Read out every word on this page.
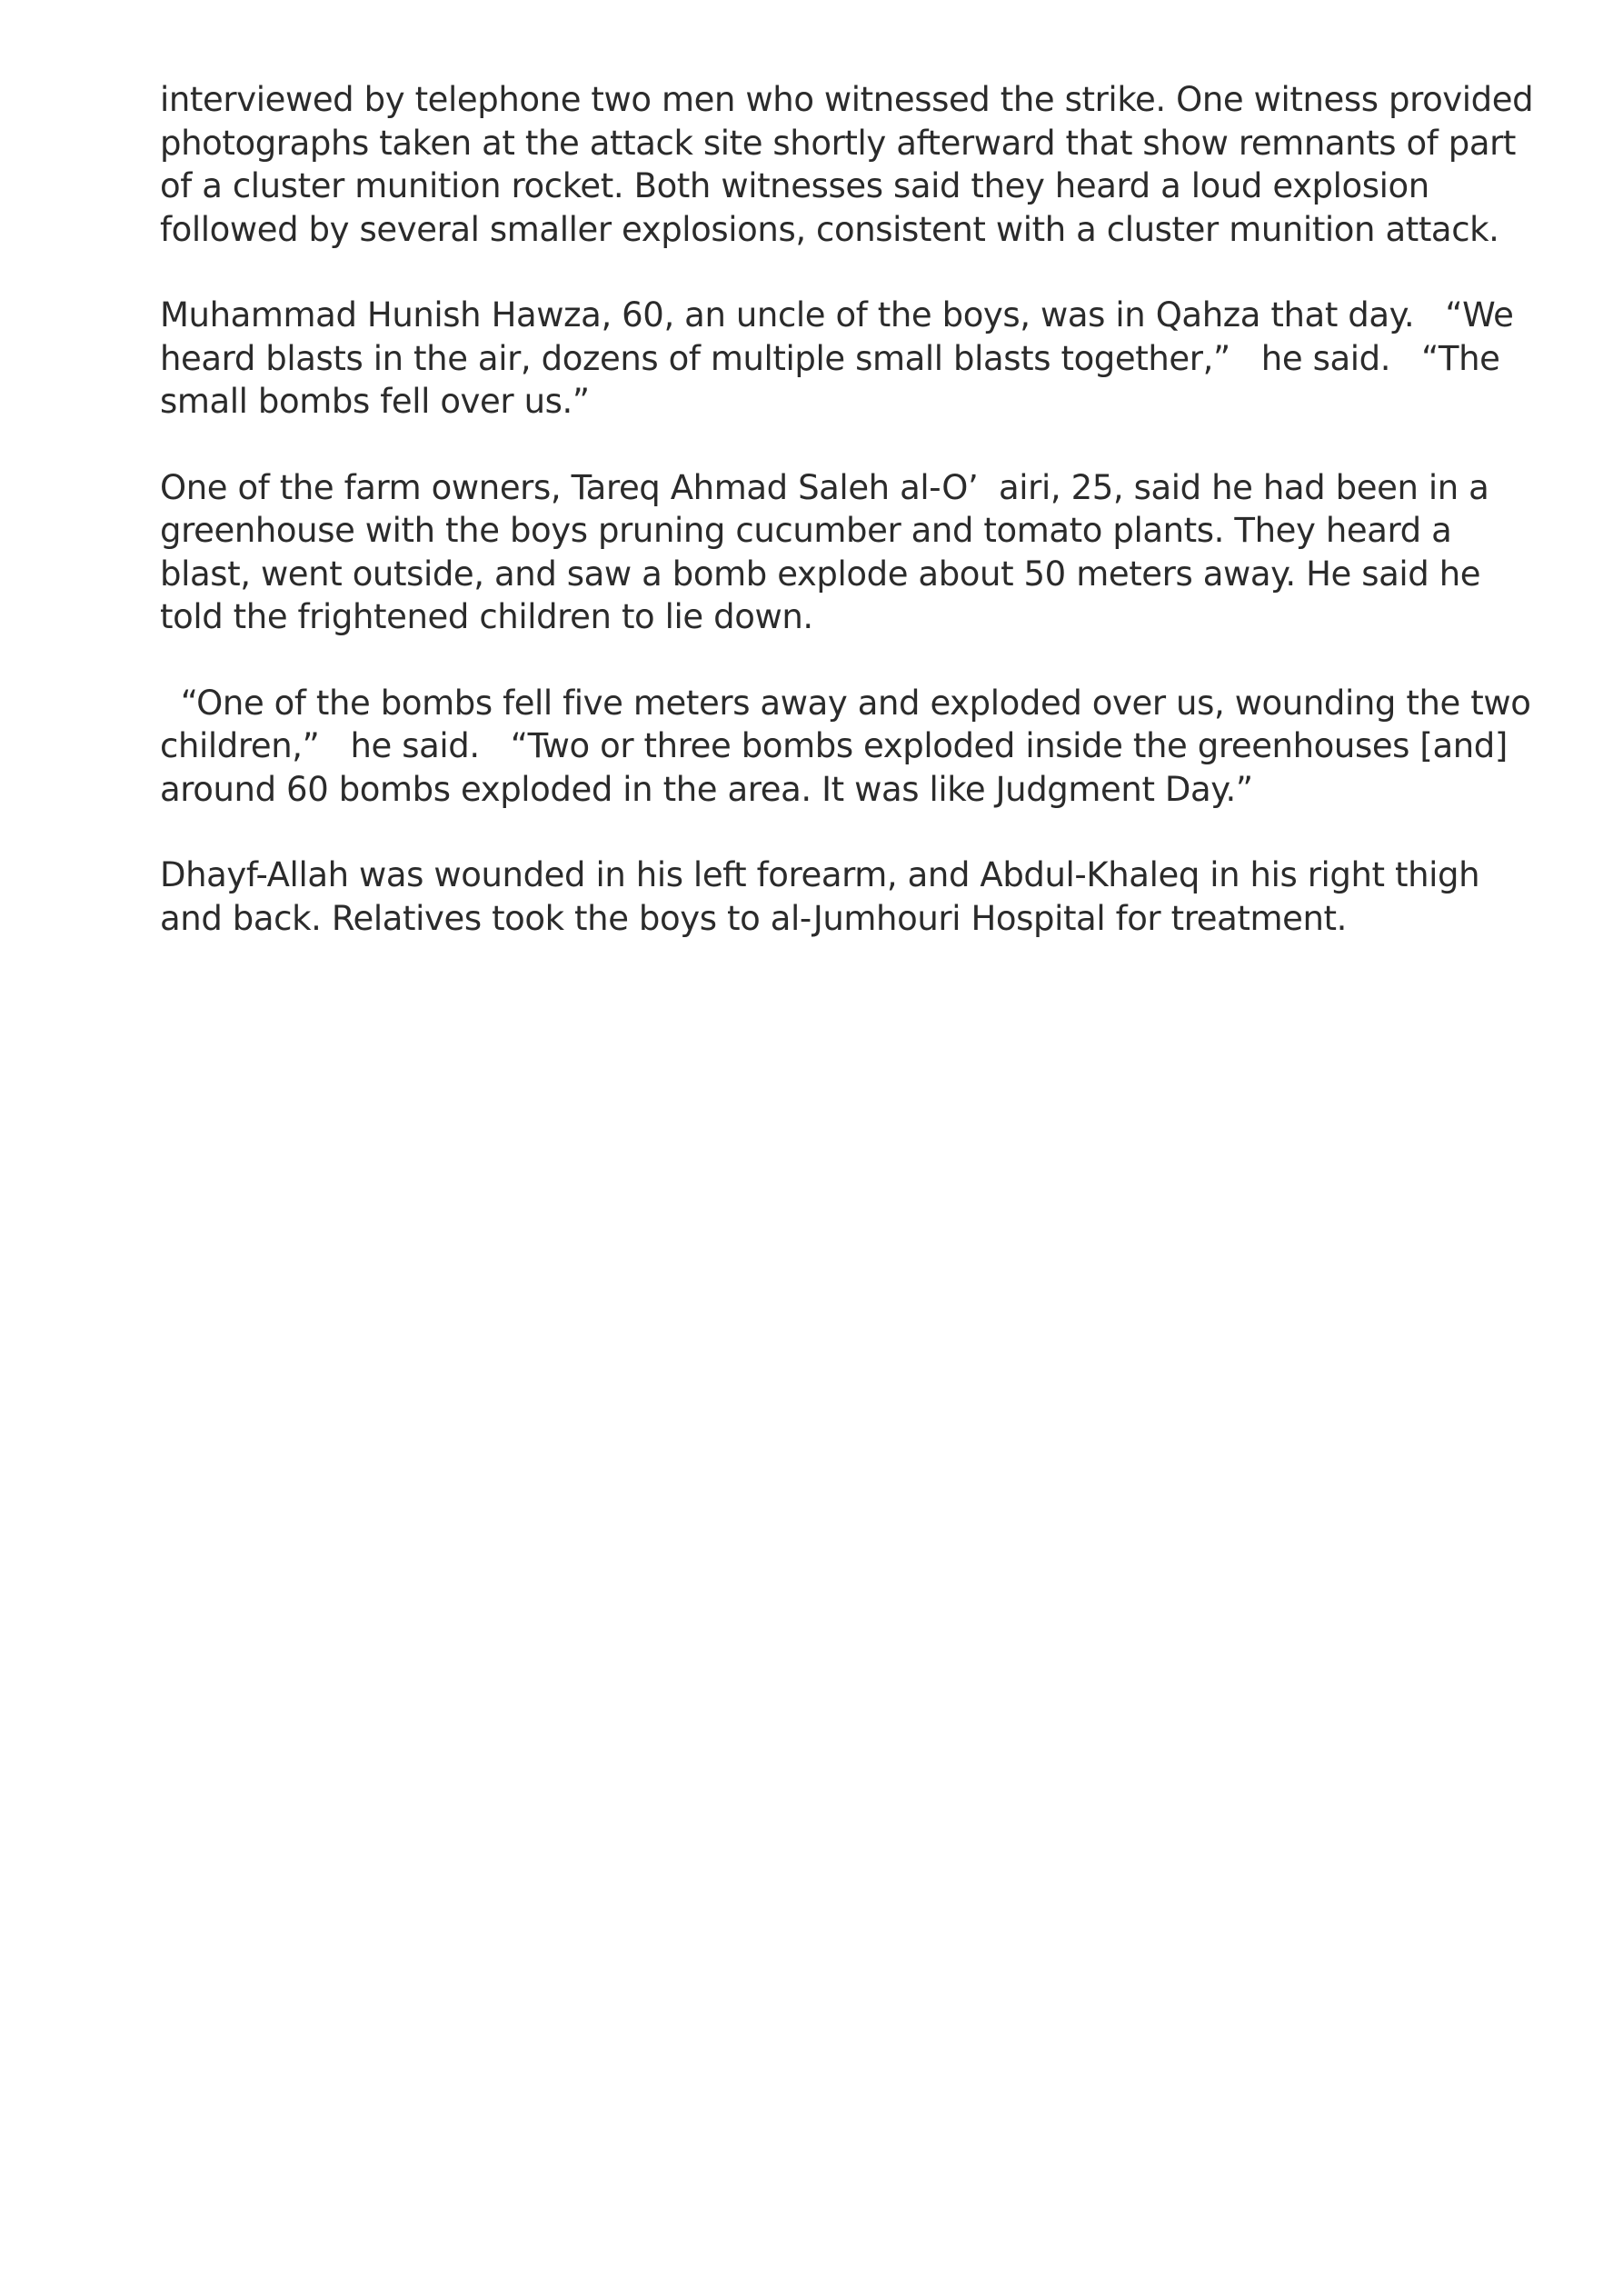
interviewed by telephone two men who witnessed the strike. One witness provided
photographs taken at the attack site shortly afterward that show remnants of part
of a cluster munition rocket. Both witnesses said they heard a loud explosion
followed by several smaller explosions, consistent with a cluster munition attack.

Muhammad Hunish Hawza, 60, an uncle of the boys, was in Qahza that day.   “We
heard blasts in the air, dozens of multiple small blasts together,”   he said.   “The
small bombs fell over us.”

One of the farm owners, Tareq Ahmad Saleh al-O’  airi, 25, said he had been in a
greenhouse with the boys pruning cucumber and tomato plants. They heard a
blast, went outside, and saw a bomb explode about 50 meters away. He said he
told the frightened children to lie down.

“One of the bombs fell five meters away and exploded over us, wounding the two
children,”   he said.   “Two or three bombs exploded inside the greenhouses [and]
around 60 bombs exploded in the area. It was like Judgment Day.”

Dhayf-Allah was wounded in his left forearm, and Abdul-Khaleq in his right thigh
and back. Relatives took the boys to al-Jumhouri Hospital for treatment.
